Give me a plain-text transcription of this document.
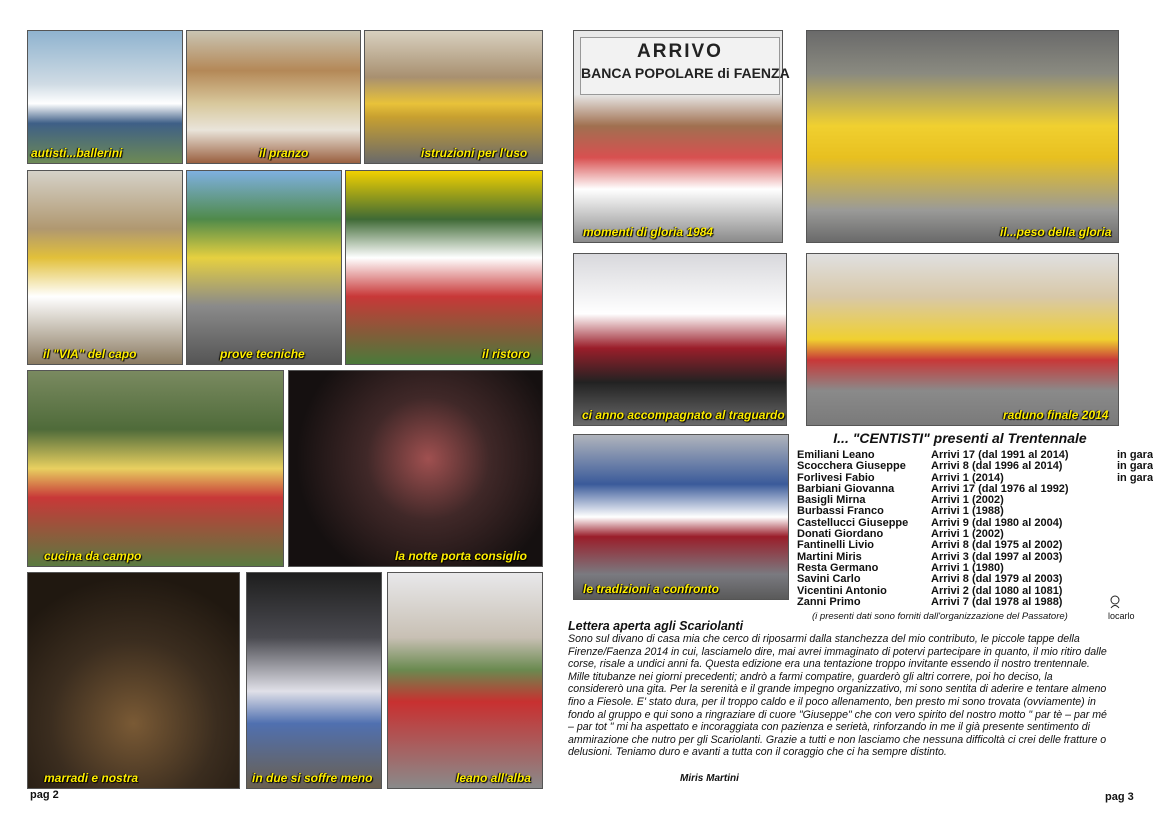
autisti...ballerini	il pranzo	istruzioni per l'uso
il "VIA" del capo	prove tecniche	il ristoro
cucina da campo	la notte porta consiglio
marradi e nostra	in due si soffre meno	leano all'alba
ARRIVO
BANCA POPOLARE di FAENZA
momenti di gloria 1984	il...peso della gloria
ci anno accompagnato al traguardo	raduno finale 2014
le tradizioni a confronto
I... "CENTISTI" presenti al Trentennale
Emiliani Leano	Arrivi 17 (dal 1991 al 2014)	in gara
Scocchera Giuseppe	Arrivi 8 (dal 1996 al 2014)	in gara
Forlivesi Fabio	Arrivi 1 (2014)	in gara
Barbiani Giovanna	Arrivi 17 (dal 1976 al 1992)
Basigli Mirna	Arrivi 1 (2002)
Burbassi Franco	Arrivi 1 (1988)
Castellucci Giuseppe	Arrivi 9 (dal 1980 al 2004)
Donati Giordano	Arrivi 1 (2002)
Fantinelli Livio	Arrivi 8 (dal 1975 al 2002)
Martini Miris	Arrivi 3 (dal 1997 al 2003)
Resta Germano	Arrivi 1 (1980)
Savini Carlo	Arrivi 8 (dal 1979 al 2003)
Vicentini Antonio	Arrivi 2 (dal 1080 al 1081)
Zanni Primo	Arrivi 7 (dal 1978 al 1988)
(i presenti dati sono forniti dall'organizzazione del Passatore)	locarlo
Lettera aperta agli Scariolanti
Sono sul divano di casa mia che cerco di riposarmi dalla stanchezza del mio contributo, le piccole tappe della Firenze/Faenza 2014 in cui, lasciamelo dire, mai avrei immaginato di potervi partecipare in quanto, il mio ritiro dalle corse, risale a undici anni fa. Questa edizione era una tentazione troppo invitante essendo il nostro trentennale. Mille titubanze nei giorni precedenti; andrò a farmi compatire, guarderò gli altri correre, poi ho deciso, la considererò una gita. Per la serenità e il grande impegno organizzativo, mi sono sentita di aderire e tentare almeno fino a Fiesole. E' stato dura, per il troppo caldo e il poco allenamento, ben presto mi sono trovata (ovviamente) in fondo al gruppo e qui sono a ringraziare di cuore "Giuseppe" che con vero spirito del nostro motto " par tè – par mé – par tot " mi ha aspettato e incoraggiata con pazienza e serietà, rinforzando in me il già presente sentimento di ammirazione che nutro per gli Scariolanti. Grazie a tutti e non lasciamo che nessuna difficoltà ci crei delle fratture o delusioni. Teniamo duro e avanti a tutta con il coraggio che ci ha sempre distinto.
Miris Martini
pag 2	pag 3
